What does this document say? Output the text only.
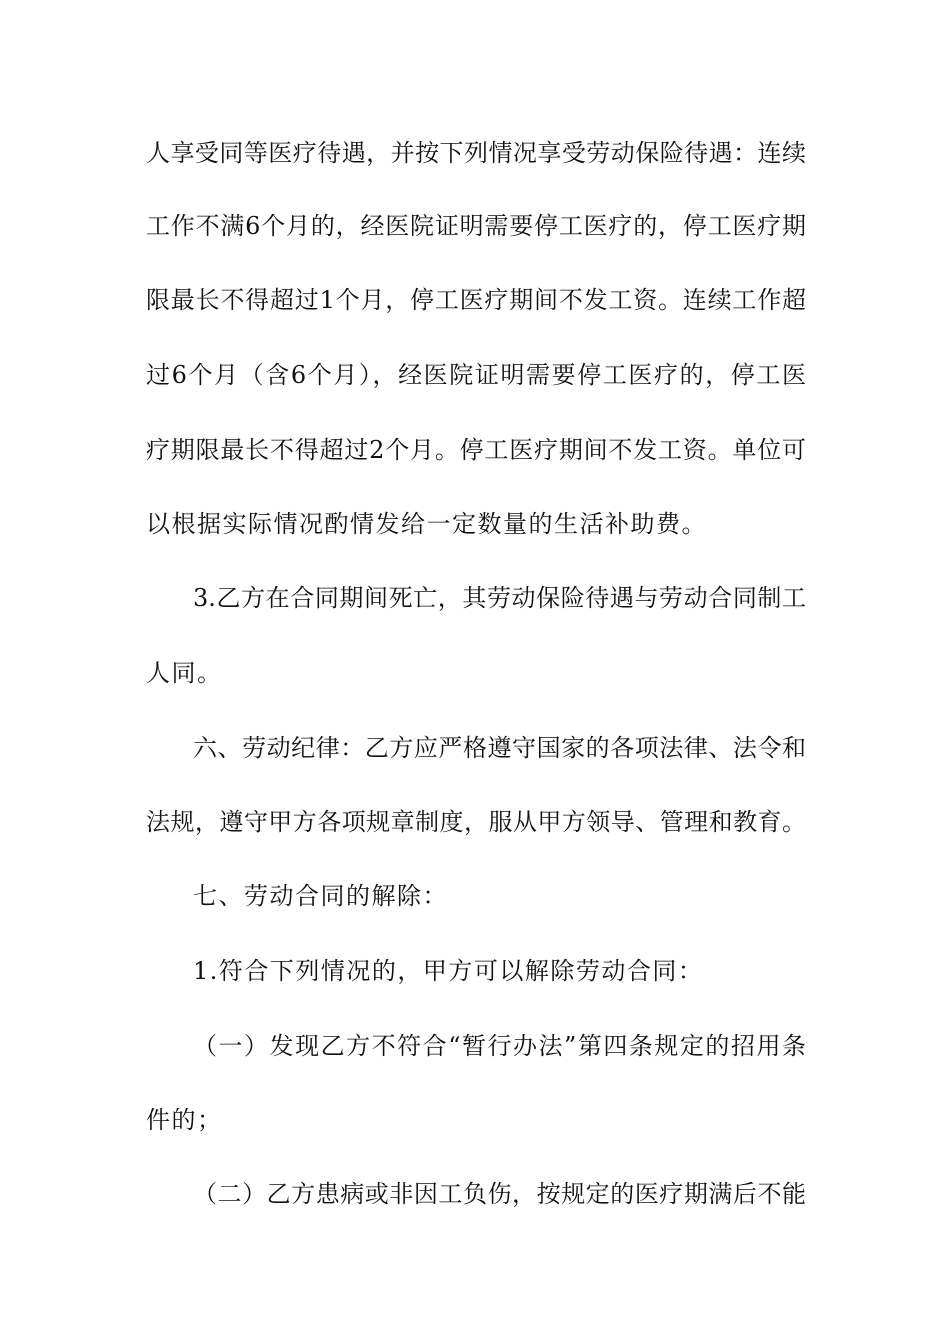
人享受同等医疗待遇，并按下列情况享受劳动保险待遇：连续
工作不满6个月的，经医院证明需要停工医疗的，停工医疗期
限最长不得超过1个月，停工医疗期间不发工资。连续工作超
过6个月（含6个月），经医院证明需要停工医疗的，停工医
疗期限最长不得超过2个月。停工医疗期间不发工资。单位可
以根据实际情况酌情发给一定数量的生活补助费。
3.乙方在合同期间死亡，其劳动保险待遇与劳动合同制工
人同。
六、劳动纪律：乙方应严格遵守国家的各项法律、法令和
法规，遵守甲方各项规章制度，服从甲方领导、管理和教育。
七、劳动合同的解除：
1.符合下列情况的，甲方可以解除劳动合同：
（一）发现乙方不符合“暂行办法”第四条规定的招用条
件的；
（二）乙方患病或非因工负伤，按规定的医疗期满后不能
